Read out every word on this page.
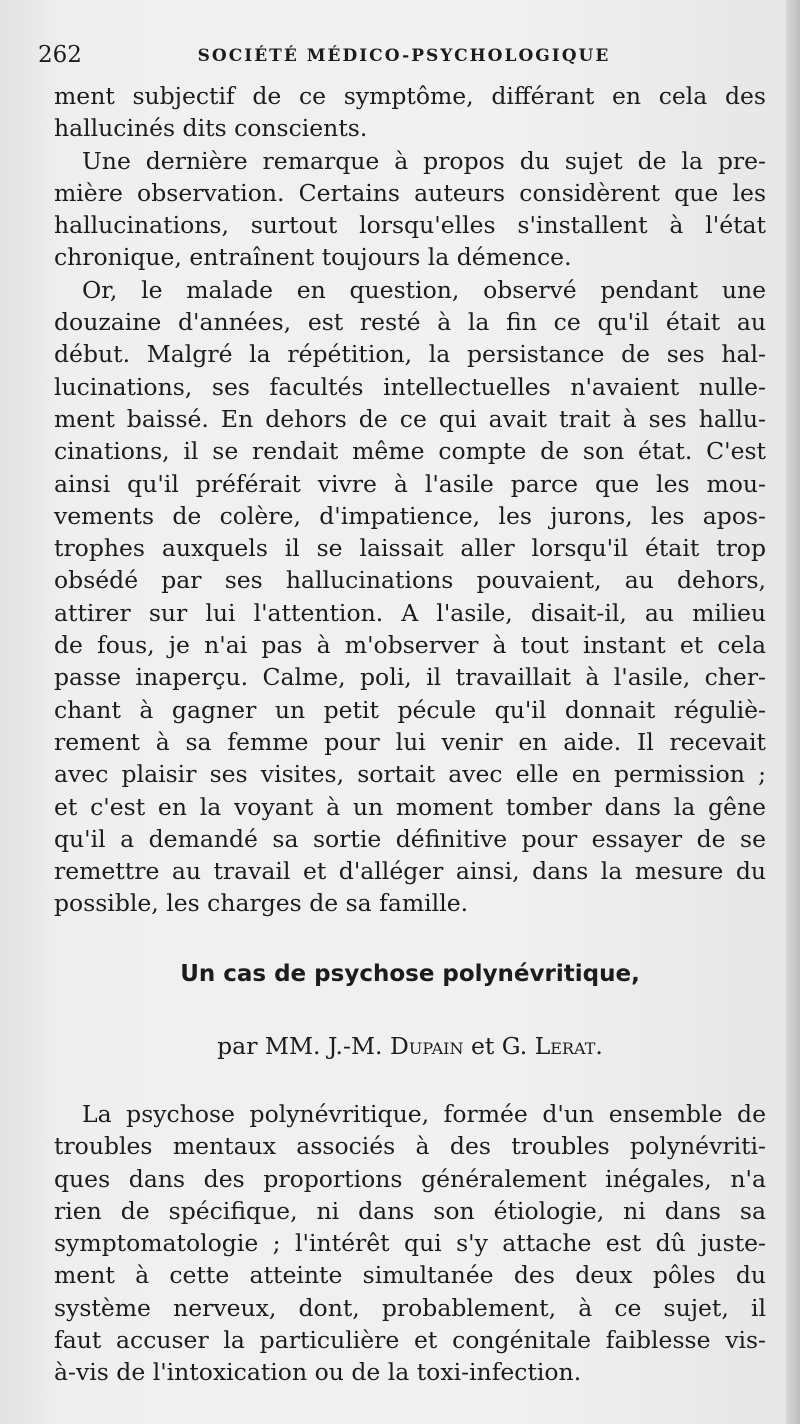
262	SOCIÉTÉ MÉDICO-PSYCHOLOGIQUE
ment subjectif de ce symptôme, différant en cela des
hallucinés dits conscients.
Une dernière remarque à propos du sujet de la pre-
mière observation. Certains auteurs considèrent que les
hallucinations, surtout lorsqu'elles s'installent à l'état
chronique, entraînent toujours la démence.
Or, le malade en question, observé pendant une
douzaine d'années, est resté à la fin ce qu'il était au
début. Malgré la répétition, la persistance de ses hal-
lucinations, ses facultés intellectuelles n'avaient nulle-
ment baissé. En dehors de ce qui avait trait à ses hallu-
cinations, il se rendait même compte de son état. C'est
ainsi qu'il préférait vivre à l'asile parce que les mou-
vements de colère, d'impatience, les jurons, les apos-
trophes auxquels il se laissait aller lorsqu'il était trop
obsédé par ses hallucinations pouvaient, au dehors,
attirer sur lui l'attention. A l'asile, disait-il, au milieu
de fous, je n'ai pas à m'observer à tout instant et cela
passe inaperçu. Calme, poli, il travaillait à l'asile, cher-
chant à gagner un petit pécule qu'il donnait réguliè-
rement à sa femme pour lui venir en aide. Il recevait
avec plaisir ses visites, sortait avec elle en permission ;
et c'est en la voyant à un moment tomber dans la gêne
qu'il a demandé sa sortie définitive pour essayer de se
remettre au travail et d'alléger ainsi, dans la mesure du
possible, les charges de sa famille.
Un cas de psychose polynévritique,
par MM. J.-M. Dupain et G. Lerat.
La psychose polynévritique, formée d'un ensemble de
troubles mentaux associés à des troubles polynévriti-
ques dans des proportions généralement inégales, n'a
rien de spécifique, ni dans son étiologie, ni dans sa
symptomatologie ; l'intérêt qui s'y attache est dû juste-
ment à cette atteinte simultanée des deux pôles du
système nerveux, dont, probablement, à ce sujet, il
faut accuser la particulière et congénitale faiblesse vis-
à-vis de l'intoxication ou de la toxi-infection.
